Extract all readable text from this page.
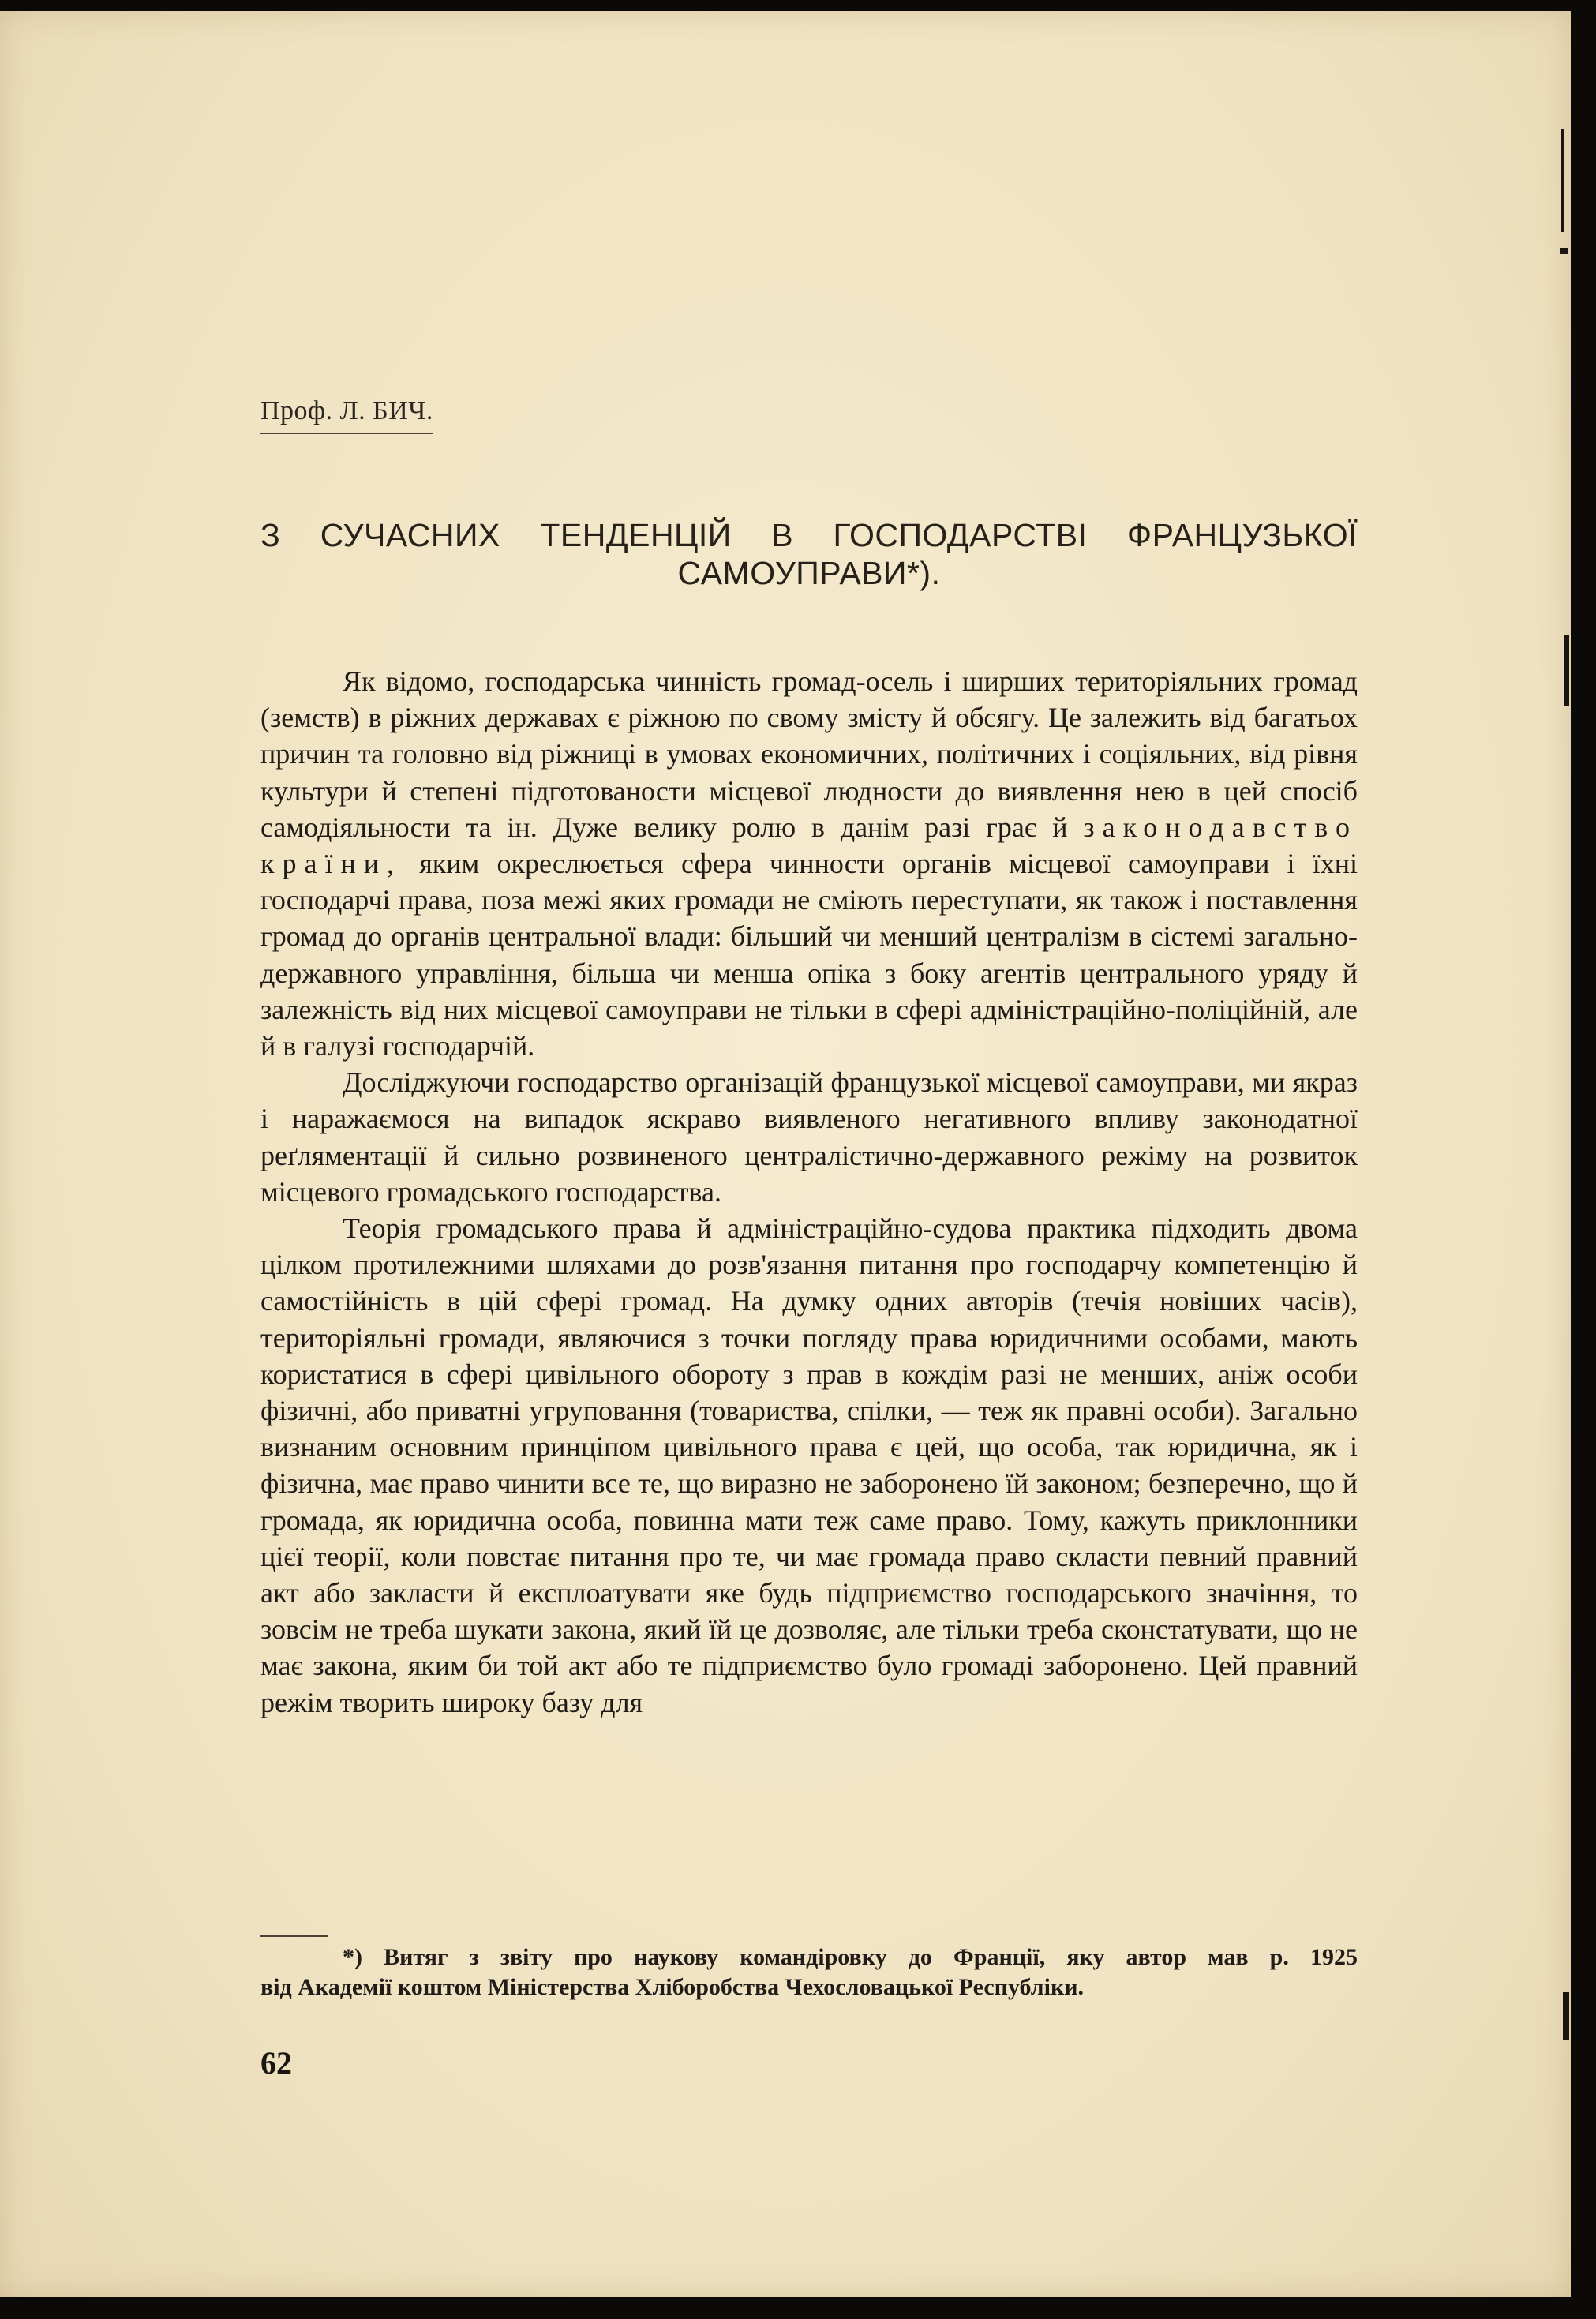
Проф. Л. БИЧ.
З СУЧАСНИХ ТЕНДЕНЦІЙ В ГОСПОДАРСТВІ ФРАНЦУЗЬКОЇ
САМОУПРАВИ*).

Як відомо, господарська чинність громад-осель і ширших територіяльних громад (земств) в ріжних державах є ріжною по свому змісту й обсягу. Це залежить від багатьох причин та головно від ріжниці в умовах економичних, політичних і соціяльних, від рівня культури й степені підготованости місцевої людности до виявлення нею в цей спосіб самодіяльности та ін. Дуже велику ролю в данім разі грає й законодавство країни, яким окреслюється сфера чинности органів місцевої самоуправи і їхні господарчі права, поза межі яких громади не сміють переступати, як також і поставлення громад до органів центральної влади: більший чи менший централізм в сістемі загально-державного управління, більша чи менша опіка з боку агентів центрального уряду й залежність від них місцевої самоуправи не тільки в сфері адміністраційно-поліційній, але й в галузі господарчій.

Досліджуючи господарство організацій французької місцевої самоуправи, ми якраз і наражаємося на випадок яскраво виявленого негативного впливу законодатної реґляментації й сильно розвиненого централістично-державного режіму на розвиток місцевого громадського господарства.

Теорія громадського права й адміністраційно-судова практика підходить двома цілком протилежними шляхами до розв'язання питання про господарчу компетенцію й самостійність в цій сфері громад. На думку одних авторів (течія новіших часів), територіяльні громади, являючися з точки погляду права юридичними особами, мають користатися в сфері цивільного обороту з прав в кождім разі не менших, аніж особи фізичні, або приватні угруповання (товариства, спілки, — теж як правні особи). Загально визнаним основним принціпом цивільного права є цей, що особа, так юридична, як і фізична, має право чинити все те, що виразно не заборонено їй законом; безперечно, що й громада, як юридична особа, повинна мати теж саме право. Тому, кажуть приклонники цієї теорії, коли повстає питання про те, чи має громада право скласти певний правний акт або закласти й експлоатувати яке будь підприємство господарського значіння, то зовсім не треба шукати закона, який їй це дозволяє, але тільки треба сконстатувати, що не має закона, яким би той акт або те підприємство було громаді заборонено. Цей правний режім творить широку базу для

*) Витяг з звіту про наукову командіровку до Франції, яку автор мав р. 1925
від Академії коштом Міністерства Хліборобства Чехословацької Республіки.
62
